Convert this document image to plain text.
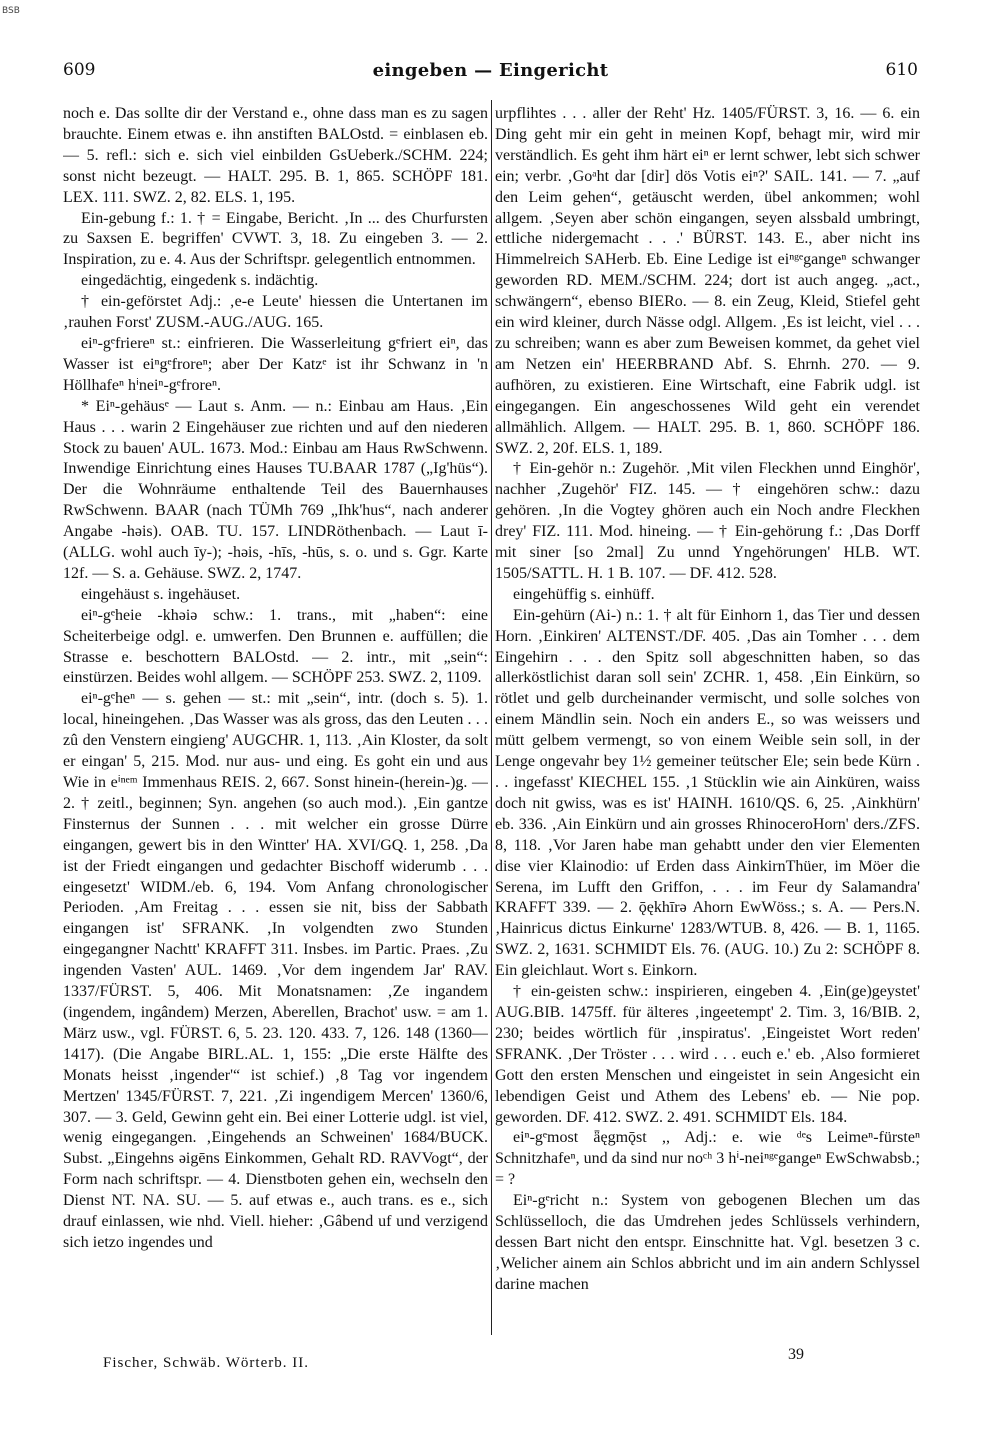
BSB
609	eingeben — Eingericht	610

noch e. Das sollte dir der Verstand e., ohne dass man es zu sagen brauchte. Einem etwas e. ihn anstiften BALOstd. = einblasen eb. — 5. refl.: sich e. sich viel einbilden GsUeberk./SCHM. 224; sonst nicht bezeugt. — HALT. 295. B. 1, 865. SCHÖPF 181. LEX. 111. SWZ. 2, 82. ELS. 1, 195.

Ein-gebung f.: 1. † = Eingabe, Bericht. ‚In ... des Churfursten zu Saxsen E. begriffen' CVWT. 3, 18. Zu eingeben 3. — 2. Inspiration, zu e. 4. Aus der Schriftspr. gelegentlich entnommen.

eingedächtig, eingedenk s. indächtig.

† ein-geförstet Adj.: ‚e-e Leute' hiessen die Untertanen im ‚rauhen Forst' ZUSM.-AUG./AUG. 165.

eiⁿ-gᵉfriereⁿ st.: einfrieren. Die Wasserleitung gᵉfriert eiⁿ, das Wasser ist eiⁿgᵉfroreⁿ; aber Der Katzᵉ ist ihr Schwanz in 'n Höllhafeⁿ hⁱneiⁿ-gᵉfroreⁿ.

* Eiⁿ-gehäusᵉ — Laut s. Anm. — n.: Einbau am Haus. ‚Ein Haus . . . warin 2 Eingehäuser zue richten und auf den niederen Stock zu bauen' AUL. 1673. Mod.: Einbau am Haus RwSchwenn. Inwendige Einrichtung eines Hauses TU.BAAR 1787 („Ig'hüs“). Der die Wohnräume enthaltende Teil des Bauernhauses RwSchwenn. BAAR (nach TÜMh 769 „Ihk'hus“, nach anderer Angabe -həis). OAB. TU. 157. LINDRöthenbach. — Laut ī- (ALLG. wohl auch īy-); -həis, -hīs, -hūs, s. o. und s. Ggr. Karte 12f. — S. a. Gehäuse. SWZ. 2, 1747.

eingehäust s. ingehäuset.

eiⁿ-gᵉheie -khəiə schw.: 1. trans., mit „haben“: eine Scheiterbeige odgl. e. umwerfen. Den Brunnen e. auffüllen; die Strasse e. beschottern BALOstd. — 2. intr., mit „sein“: einstürzen. Beides wohl allgem. — SCHÖPF 253. SWZ. 2, 1109.

eiⁿ-gᵉheⁿ — s. gehen — st.: mit „sein“, intr. (doch s. 5). 1. local, hineingehen. ‚Das Wasser was als gross, das den Leuten . . . zû den Venstern eingieng' AUGCHR. 1, 113. ‚Ain Kloster, da solt er eingan' 5, 215. Mod. nur aus- und eing. Es goht ein und aus Wie in eⁱⁿᵉᵐ Immenhaus REIS. 2, 667. Sonst hinein-(herein-)g. — 2. † zeitl., beginnen; Syn. angehen (so auch mod.). ‚Ein gantze Finsternus der Sunnen . . . mit welcher ein grosse Dürre eingangen, gewert bis in den Wintter' HA. XVI/GQ. 1, 258. ‚Da ist der Friedt eingangen und gedachter Bischoff widerumb . . . eingesetzt' WIDM./eb. 6, 194. Vom Anfang chronologischer Perioden. ‚Am Freitag . . . essen sie nit, biss der Sabbath eingangen ist' SFRANK. ‚In volgendten zwo Stunden eingegangner Nachtt' KRAFFT 311. Insbes. im Partic. Praes. ‚Zu ingenden Vasten' AUL. 1469. ‚Vor dem ingendem Jar' RAV. 1337/FÜRST. 5, 406. Mit Monatsnamen: ‚Ze ingandem (ingendem, ingândem) Merzen, Aberellen, Brachot' usw. = am 1. März usw., vgl. FÜRST. 6, 5. 23. 120. 433. 7, 126. 148 (1360—1417). (Die Angabe BIRL.AL. 1, 155: „Die erste Hälfte des Monats heisst ‚ingender'“ ist schief.) ‚8 Tag vor ingendem Mertzen' 1345/FÜRST. 7, 221. ‚Zi ingendigem Mercen' 1360/6, 307. — 3. Geld, Gewinn geht ein. Bei einer Lotterie udgl. ist viel, wenig eingegangen. ‚Eingehends an Schweinen' 1684/BUCK. Subst. „Eingehns əigēns Einkommen, Gehalt RD. RAVVogt“, der Form nach schriftspr. — 4. Dienstboten gehen ein, wechseln den Dienst NT. NA. SU. — 5. auf etwas e., auch trans. es e., sich drauf einlassen, wie nhd. Viell. hieher: ‚Gâbend uf und verzigend sich ietzo ingendes und

urpflihtes . . . aller der Reht' Hz. 1405/FÜRST. 3, 16. — 6. ein Ding geht mir ein geht in meinen Kopf, behagt mir, wird mir verständlich. Es geht ihm härt eiⁿ er lernt schwer, lebt sich schwer ein; verbr. ‚Goᵃht dar [dir] dös Votis eiⁿ?' SAIL. 141. — 7. „auf den Leim gehen“, getäuscht werden, übel ankommen; wohl allgem. ‚Seyen aber schön eingangen, seyen alssbald umbringt, ettliche nidergemacht . . .' BÜRST. 143. E., aber nicht ins Himmelreich SAHerb. Eb. Eine Ledige ist eiⁿᵍᵉgangeⁿ schwanger geworden RD. MEM./SCHM. 224; dort ist auch angeg. „act., schwängern“, ebenso BIERo. — 8. ein Zeug, Kleid, Stiefel geht ein wird kleiner, durch Nässe odgl. Allgem. ‚Es ist leicht, viel . . . zu schreiben; wann es aber zum Beweisen kommet, da gehet viel am Netzen ein' HEERBRAND Abf. S. Ehrnh. 270. — 9. aufhören, zu existieren. Eine Wirtschaft, eine Fabrik udgl. ist eingegangen. Ein angeschossenes Wild geht ein verendet allmählich. Allgem. — HALT. 295. B. 1, 860. SCHÖPF 186. SWZ. 2, 20f. ELS. 1, 189.

† Ein-gehör n.: Zugehör. ‚Mit vilen Fleckhen unnd Einghör', nachher ‚Zugehör' FIZ. 145. — † eingehören schw.: dazu gehören. ‚In die Vogtey ghören auch ein Noch andre Fleckhen drey' FIZ. 111. Mod. hineing. — † Ein-gehörung f.: ‚Das Dorff mit siner [so 2mal] Zu unnd Yngehörungen' HLB. WT. 1505/SATTL. H. 1 B. 107. — DF. 412. 528.

eingehüffig s. einhüff.

Ein-gehürn (Ai-) n.: 1. † alt für Einhorn 1, das Tier und dessen Horn. ‚Einkiren' ALTENST./DF. 405. ‚Das ain Tomher . . . dem Eingehirn . . . den Spitz soll abgeschnitten haben, so das allerköstlichist daran soll sein' ZCHR. 1, 458. ‚Ein Einkürn, so rötlet und gelb durcheinander vermischt, und solle solches von einem Mändlin sein. Noch ein anders E., so was weissers und mütt gelbem vermengt, so von einem Weible sein soll, in der Lenge ongevahr bey 1½ gemeiner teütscher Ele; sein bede Kürn . . . ingefasst' KIECHEL 155. ‚1 Stücklin wie ain Ainküren, waiss doch nit gwiss, was es ist' HAINH. 1610/QS. 6, 25. ‚Ainkhürn' eb. 336. ‚Ain Einkürn und ain grosses RhinoceroHorn' ders./ZFS. 8, 118. ‚Vor Jaren habe man gehabtt under den vier Elementen dise vier Klainodio: uf Erden dass AinkirnThüer, im Möer die Serena, im Lufft den Griffon, . . . im Feur dy Salamandra' KRAFFT 339. — 2. ǭękhīrə Ahorn EwWöss.; s. A. — Pers.N. ‚Hainricus dictus Einkurne' 1283/WTUB. 8, 426. — B. 1, 1165. SWZ. 2, 1631. SCHMIDT Els. 76. (AUG. 10.) Zu 2: SCHÖPF 8. Ein gleichlaut. Wort s. Einkorn.

† ein-geisten schw.: inspirieren, eingeben 4. ‚Ein(ge)geystet' AUG.BIB. 1475ff. für älteres ‚ingeetempt' 2. Tim. 3, 16/BIB. 2, 230; beides wörtlich für ‚inspiratus'. ‚Eingeistet Wort reden' SFRANK. ‚Der Tröster . . . wird . . . euch e.' eb. ‚Also formieret Gott den ersten Menschen und eingeistet in sein Angesicht ein lebendigen Geist und Athem des Lebens' eb. — Nie pop. geworden. DF. 412. SWZ. 2. 491. SCHMIDT Els. 184.

eiⁿ-gᵉmost ǟęgmǭst ,, Adj.: e. wie ᵈᵉs Leimeⁿ-fürsteⁿ Schnitzhafeⁿ, und da sind nur noᶜʰ 3 hⁱ-neiⁿᵍᵉgangeⁿ EwSchwabsb.; = ?

Eiⁿ-gᵉricht n.: System von gebogenen Blechen um das Schlüsselloch, die das Umdrehen jedes Schlüssels verhindern, dessen Bart nicht den entspr. Einschnitte hat. Vgl. besetzen 3 c. ‚Welicher ainem ain Schlos abbricht und im ain andern Schlyssel darine machen

Fischer, Schwäb. Wörterb. II.	39
